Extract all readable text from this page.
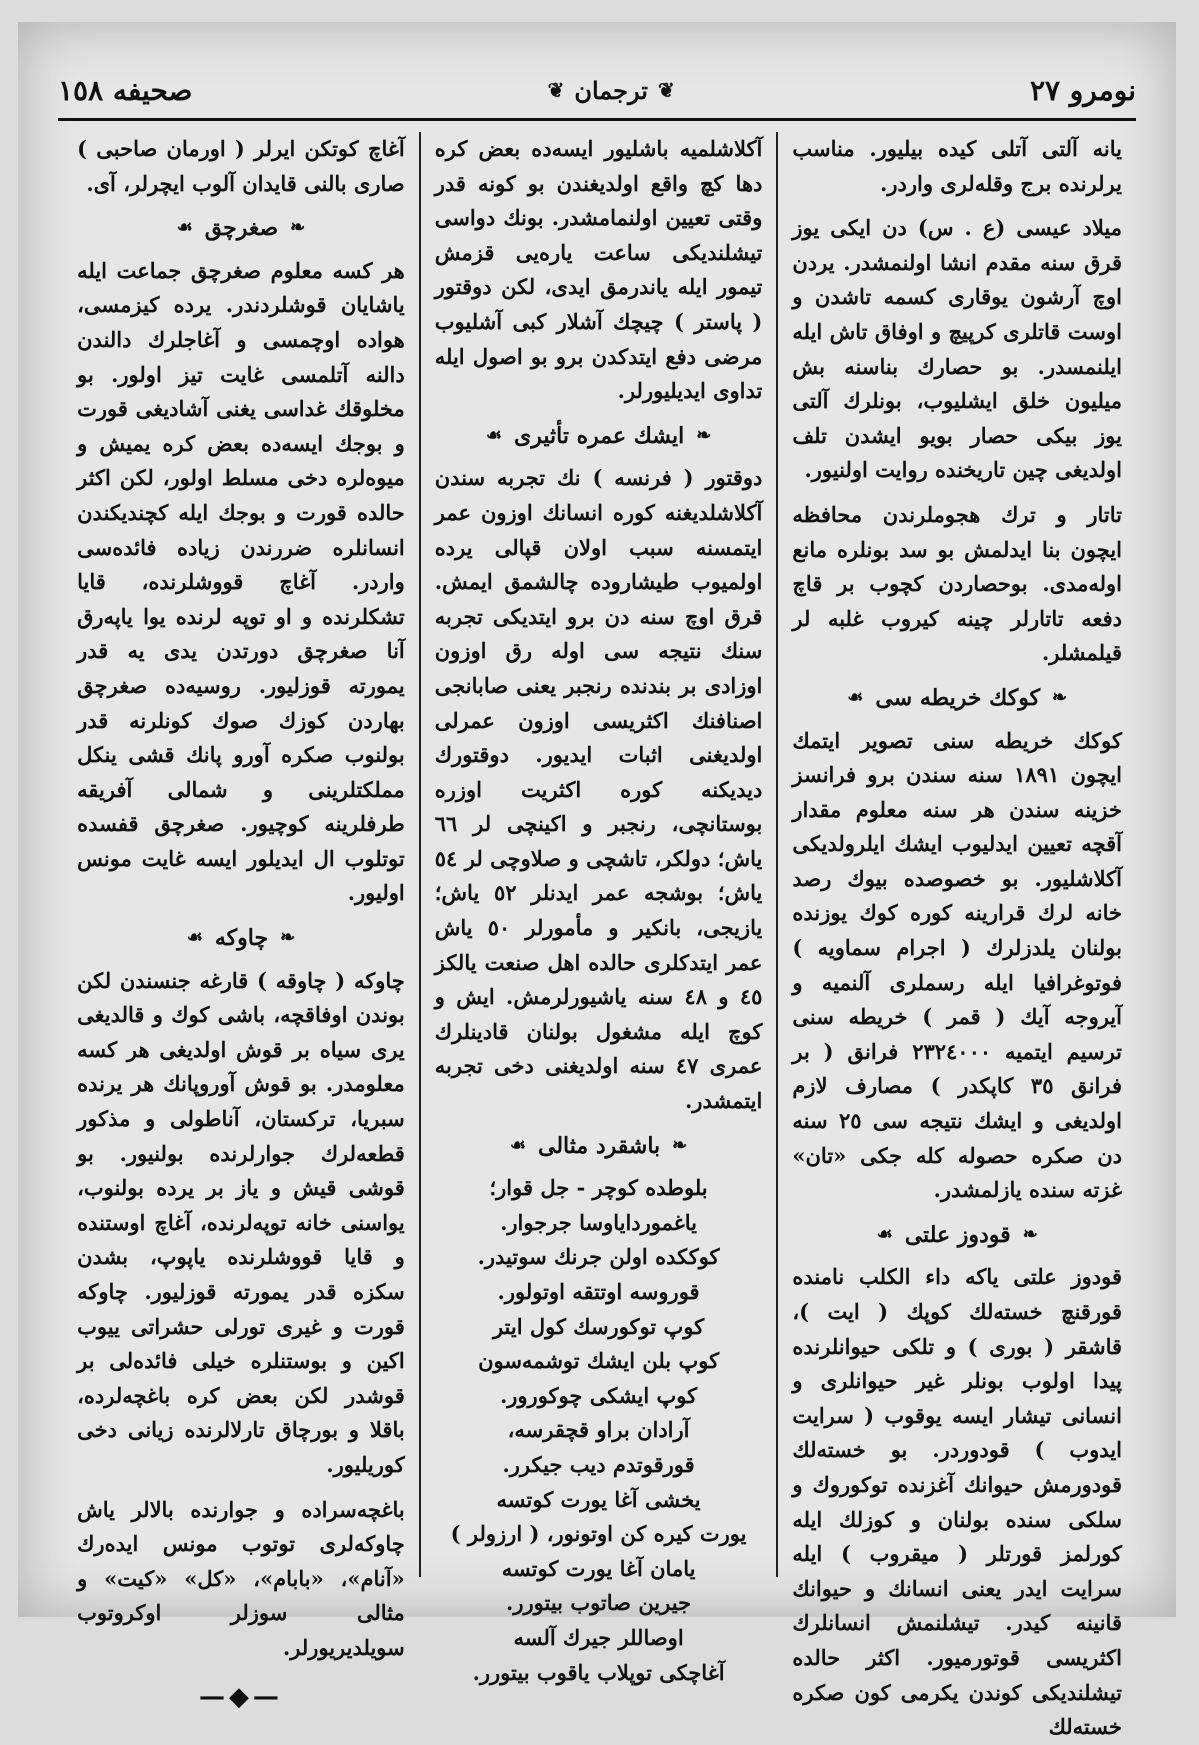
نومرو ٢٧
❦
ترجمان
❦
صحيفه ١٥٨

يانه آلتى آتلى كيده بيليور. مناسب يرلرنده برج وقلەلرى واردر.

ميلاد عيسى (ع . س) دن ايكى يوز قرق سنه مقدم انشا اولنمشدر. يردن اوچ آرشون يوقارى كسمه تاشدن و اوست قاتلرى كرپيچ و اوفاق تاش ايله ايلنمسدر. بو حصارك بناسنه بش ميليون خلق ايشليوب، بونلرك آلتى يوز بيكى حصار بويو ايشدن تلف اولديغى چين تاريخنده روايت اولنيور.

تاتار و ترك هجوملرندن محافظه ايچون بنا ايدلمش بو سد بونلره مانع اولەمدى. بوحصاردن كچوب بر قاچ دفعه تاتارلر چينه كيروب غلبه لر قيلمشلر.

❧
كوكك خريطه سى
☙

كوكك خريطه سنى تصوير ايتمك ايچون ١٨٩١ سنه سندن برو فرانسز خزينه سندن هر سنه معلوم مقدار آقچه تعيين ايدليوب ايشك ايلرولديكى آكلاشليور. بو خصوصده بيوك رصد خانه لرك قرارينه كوره كوك يوزنده بولنان يلدزلرك ( اجرام سماويه ) فوتوغرافيا ايله رسملرى آلنميه و آيروجه آيك ( قمر ) خريطه سنى ترسيم ايتميه ٢٣٢٤٠٠٠ فرانق ( بر فرانق ٣٥ كاپكدر ) مصارف لازم اولديغى و ايشك نتيجه سى ٢٥ سنه دن صكره حصوله كله جكى «تان» غزته سنده يازلمشدر.

❧
قودوز علتى
☙

قودوز علتى ياكه داء الكلب نامنده قورقنچ خستەلك كوپك ( ايت )، قاشقر ( بورى ) و تلكى حيوانلرنده پيدا اولوب بونلر غير حيوانلرى و انسانى تيشار ايسه يوقوب ( سرايت ايدوب ) قودوردر. بو خستەلك قودورمش حيوانك آغزنده توكوروك و سلكى سنده بولنان و كوزلك ايله كورلمز قورتلر ( ميقروب ) ايله سرايت ايدر يعنى انسانك و حيوانك قانينه كيدر. تيشلنمش انسانلرك اكثريسى قوتورميور. اكثر حالده تيشلنديكى كوندن يكرمى كون صكره خستەلك

آكلاشلميه باشليور ايسەده بعض كره دها كچ واقع اولديغندن بو كونه قدر وقتى تعيين اولنمامشدر. بونك دواسى تيشلنديكى ساعت يارەيى قزمش تيمور ايله ياندرمق ايدى، لكن دوقتور ( پاستر ) چيچك آشلار كبى آشليوب مرضى دفع ايتدكدن برو بو اصول ايله تداوى ايديليورلر.

❧
ايشك عمره تأثيرى
☙

دوقتور ( فرنسه ) نك تجربه سندن آكلاشلديغنه كوره انسانك اوزون عمر ايتمسنه سبب اولان قپالى يرده اولميوب طيشاروده چالشمق ايمش. قرق اوچ سنه دن برو ايتديكى تجربه سنك نتيجه سى اوله رق اوزون اوزادى بر بندنده رنجبر يعنى صابانجى اصنافنك اكثريسى اوزون عمرلى اولديغنى اثبات ايديور. دوقتورك ديديكنه كوره اكثريت اوزره بوستانچى، رنجبر و اكينچى لر ٦٦ ياش؛ دولكر، تاشچى و صلاوچى لر ٥٤ ياش؛ بوشجه عمر ايدنلر ٥٢ ياش؛ يازيجى، بانكير و مأمورلر ٥٠ ياش عمر ايتدكلرى حالده اهل صنعت يالكز ٤٥ و ٤٨ سنه ياشيورلرمش. ايش و كوچ ايله مشغول بولنان قادينلرك عمرى ٤٧ سنه اولديغنى دخى تجربه ايتمشدر.

❧
باشقرد مثالى
☙
بلوطده كوچر - جل قوار؛
ياغمورداياوسا جرجوار.
كوككده اولن جرنك سوتيدر.
قوروسه اوتتقه اوتولور.
كوپ توكورسك كول ايتر
كوپ بلن ايشك توشمەسون
كوپ ايشكى چوكورور.
آرادان براو قچقرسه،
قورقوتدم ديب جيكرر.
يخشى آغا يورت كوتسه
يورت كيره كن اوتونور، ( ارزولر )
يامان آغا يورت كوتسه
جيرين صاتوب بيتورر.
اوصاللر جيرك آلسه
آغاچكى توپلاب ياقوب بيتورر.

آغاچ كوتكن ايرلر ( اورمان صاحبى ) صارى بالنى قايدان آلوب ايچرلر، آى.

❧
صغرچق
☙

هر كسه معلوم صغرچق جماعت ايله ياشايان قوشلردندر. يرده كيزمسى، هواده اوچمسى و آغاجلرك دالندن دالنه آتلمسى غايت تيز اولور. بو مخلوقك غداسى يغنى آشاديغى قورت و بوجك ايسەده بعض كره يميش و ميوەلره دخى مسلط اولور، لكن اكثر حالده قورت و بوجك ايله كچنديكندن انسانلره ضررندن زياده فائدەسى واردر. آغاچ قووشلرنده، قايا تشكلرنده و او توپه لرنده يوا ياپەرق آنا صغرچق دورتدن يدى يه قدر يمورته قوزليور. روسيەده صغرچق بهاردن كوزك صوك كونلرنه قدر بولنوب صكره آورو پانك قشى ينكل مملكتلرينى و شمالى آفريقه طرفلرينه كوچيور. صغرچق قفسده توتلوب ال ايديلور ايسه غايت مونس اوليور.

❧
چاوكه
☙

چاوكه ( چاوقه ) قارغه جنسندن لكن بوندن اوفاقچه، باشى كوك و قالديغى يرى سياه بر قوش اولديغى هر كسه معلومدر. بو قوش آوروپانك هر يرنده سبريا، تركستان، آناطولى و مذكور قطعەلرك جوارلرنده بولنيور. بو قوشى قيش و ياز بر يرده بولنوب، يواسنى خانه توپەلرنده، آغاچ اوستنده و قايا قووشلرنده ياپوپ، بشدن سكزه قدر يمورته قوزليور. چاوكه قورت و غيرى تورلى حشراتى ييوب اكين و بوستنلره خيلى فائدەلى بر قوشدر لكن بعض كره باغچەلرده، باقلا و بورچاق تارلالرنده زيانى دخى كوريليور.

باغچەسراده و جوارنده بالالر ياش چاوكەلرى توتوب مونس ايدەرك «آنام»، «بابام»، «كل» «كيت» و مثالى سوزلر اوكروتوب سويلديريورلر.

—◆—
